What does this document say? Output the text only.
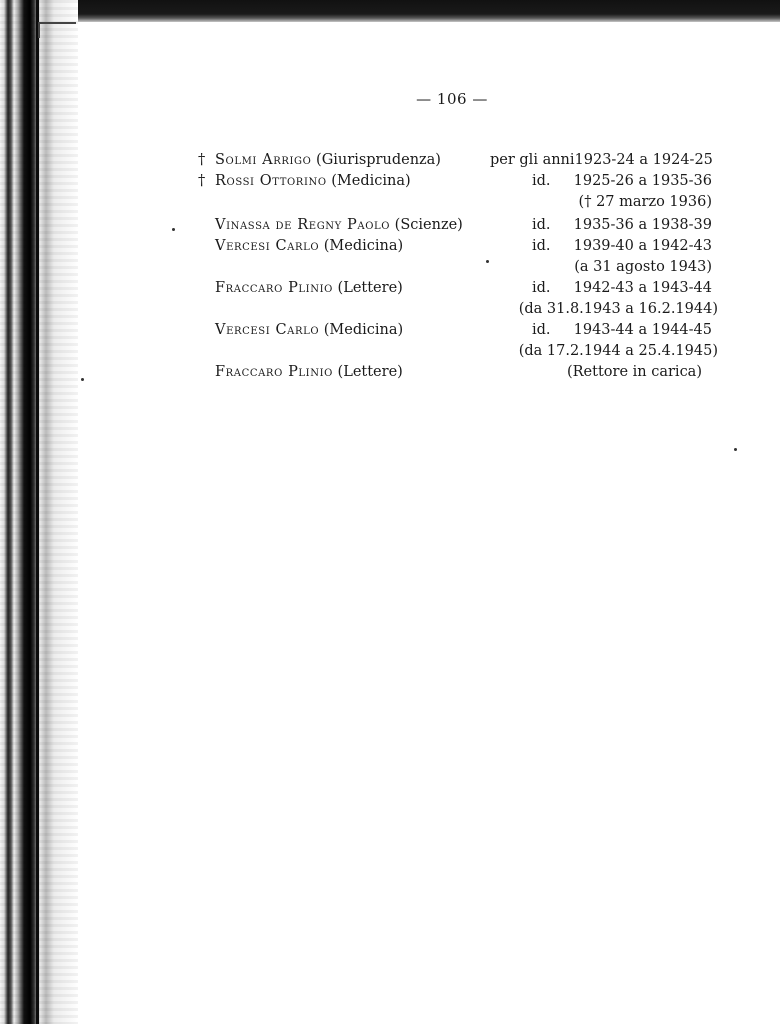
— 106 —
† Solmi Arrigo (Giurisprudenza)	per gli anni 1923-24 a 1924-25
† Rossi Ottorino (Medicina)	id. 1925-26 a 1935-36
(† 27 marzo 1936)
Vinassa de Regny Paolo (Scienze)	id. 1935-36 a 1938-39
Vercesi Carlo (Medicina)	id. 1939-40 a 1942-43
(a 31 agosto 1943)
Fraccaro Plinio (Lettere)	id. 1942-43 a 1943-44
(da 31.8.1943 a 16.2.1944)
Vercesi Carlo (Medicina)	id. 1943-44 a 1944-45
(da 17.2.1944 a 25.4.1945)
Fraccaro Plinio (Lettere)	(Rettore in carica)
